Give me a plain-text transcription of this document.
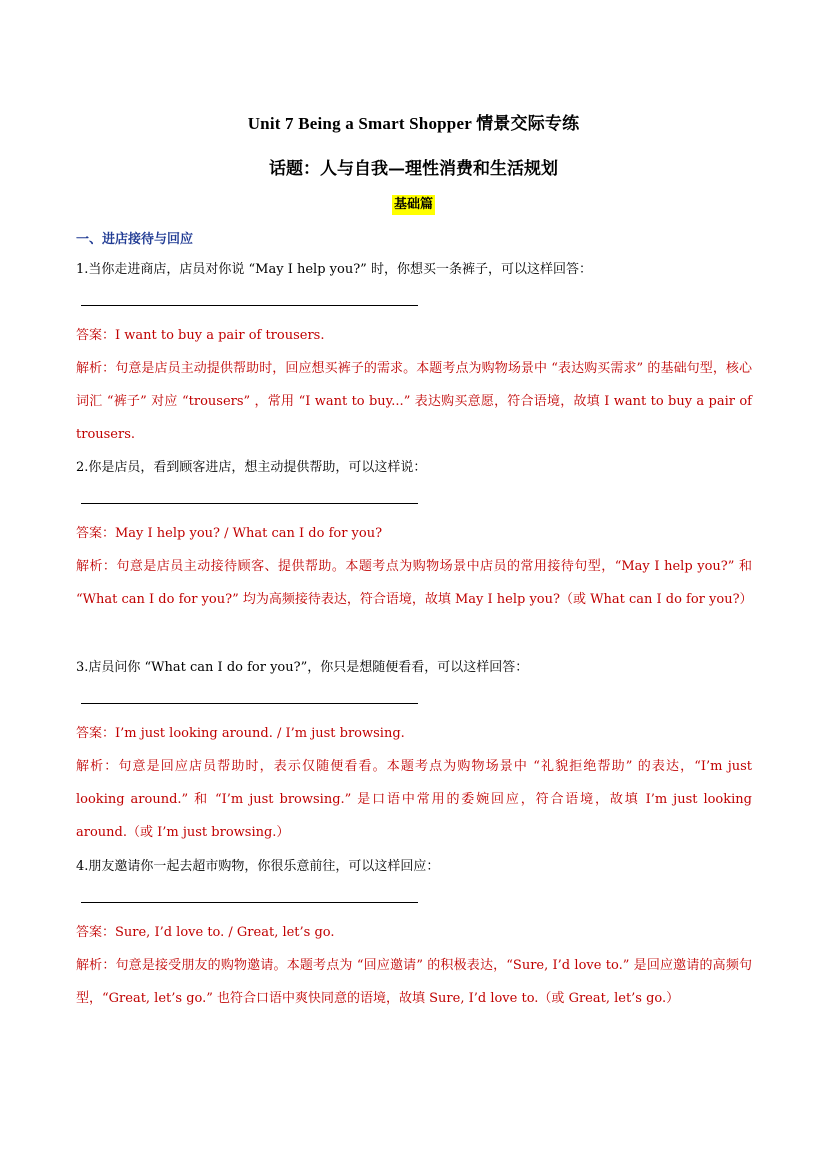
Unit 7 Being a Smart Shopper 情景交际专练
话题：人与自我—理性消费和生活规划
基础篇
一、进店接待与回应
1.当你走进商店，店员对你说 “May I help you?” 时，你想买一条裤子，可以这样回答：
答案：I want to buy a pair of trousers.
解析：句意是店员主动提供帮助时，回应想买裤子的需求。本题考点为购物场景中 “表达购买需求” 的基础句型，核心词汇 “裤子” 对应 “trousers” ，常用 “I want to buy...” 表达购买意愿，符合语境，故填 I want to buy a pair of trousers.
2.你是店员，看到顾客进店，想主动提供帮助，可以这样说：
答案：May I help you? / What can I do for you?
解析：句意是店员主动接待顾客、提供帮助。本题考点为购物场景中店员的常用接待句型，“May I help you?” 和 “What can I do for you?” 均为高频接待表达，符合语境，故填 May I help you?（或 What can I do for you?）
3.店员问你 “What can I do for you?”，你只是想随便看看，可以这样回答：
答案：I’m just looking around. / I’m just browsing.
解析：句意是回应店员帮助时，表示仅随便看看。本题考点为购物场景中 “礼貌拒绝帮助” 的表达，“I’m just looking around.” 和 “I’m just browsing.” 是口语中常用的委婉回应，符合语境，故填 I’m just looking around.（或 I’m just browsing.）
4.朋友邀请你一起去超市购物，你很乐意前往，可以这样回应：
答案：Sure, I’d love to. / Great, let’s go.
解析：句意是接受朋友的购物邀请。本题考点为 “回应邀请” 的积极表达，“Sure, I’d love to.” 是回应邀请的高频句型，“Great, let’s go.” 也符合口语中爽快同意的语境，故填 Sure, I’d love to.（或 Great, let’s go.）
